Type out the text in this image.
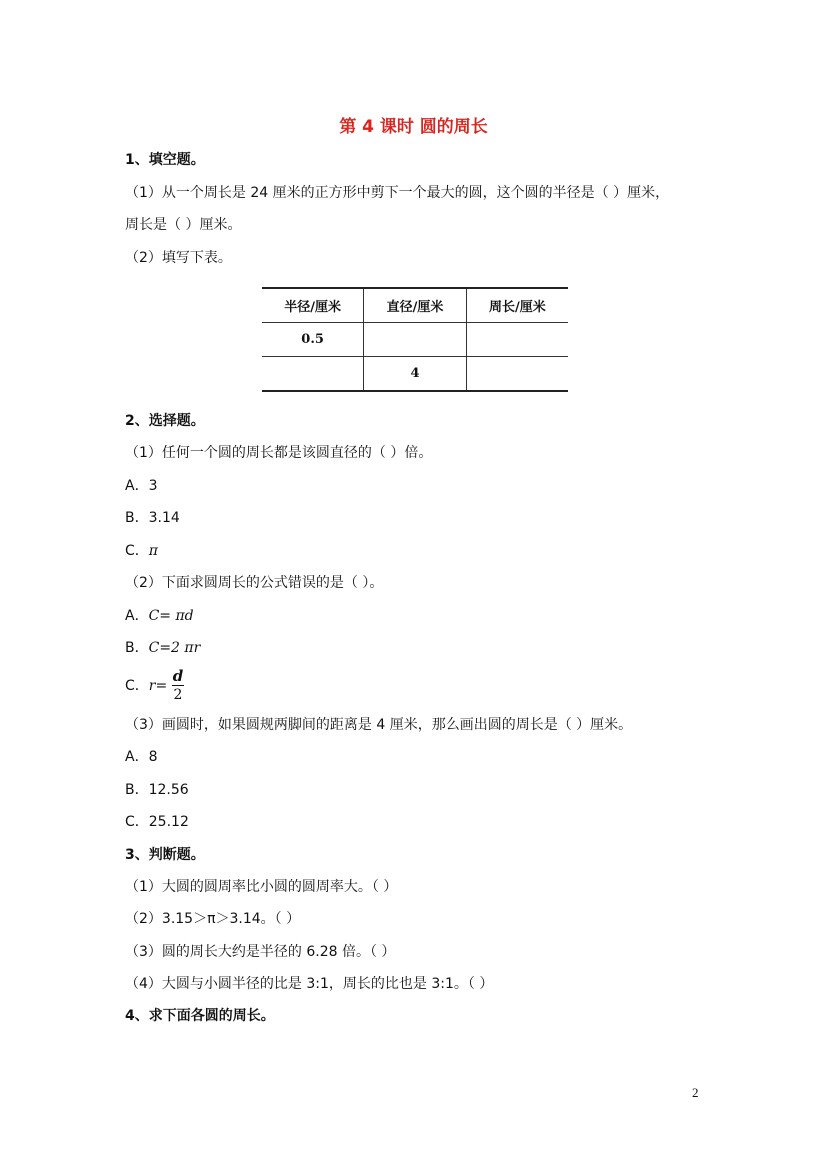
第 4 课时 圆的周长
1、填空题。
（1）从一个周长是 24 厘米的正方形中剪下一个最大的圆，这个圆的半径是（ ）厘米，
周长是（ ）厘米。
（2）填写下表。
半径/厘米	直径/厘米	周长/厘米
0.5		
	4	
2、选择题。
（1）任何一个圆的周长都是该圆直径的（ ）倍。
A．3
B．3.14
C．π
（2）下面求圆周长的公式错误的是（ ）。
A．C= πd
B．C=2 πr
C．r=
d
2
（3）画圆时，如果圆规两脚间的距离是 4 厘米，那么画出圆的周长是（ ）厘米。
A．8
B．12.56
C．25.12
3、判断题。
（1）大圆的圆周率比小圆的圆周率大。（ ）
（2）3.15＞π＞3.14。（ ）
（3）圆的周长大约是半径的 6.28 倍。（ ）
（4）大圆与小圆半径的比是 3:1，周长的比也是 3:1。（ ）
4、求下面各圆的周长。
2
